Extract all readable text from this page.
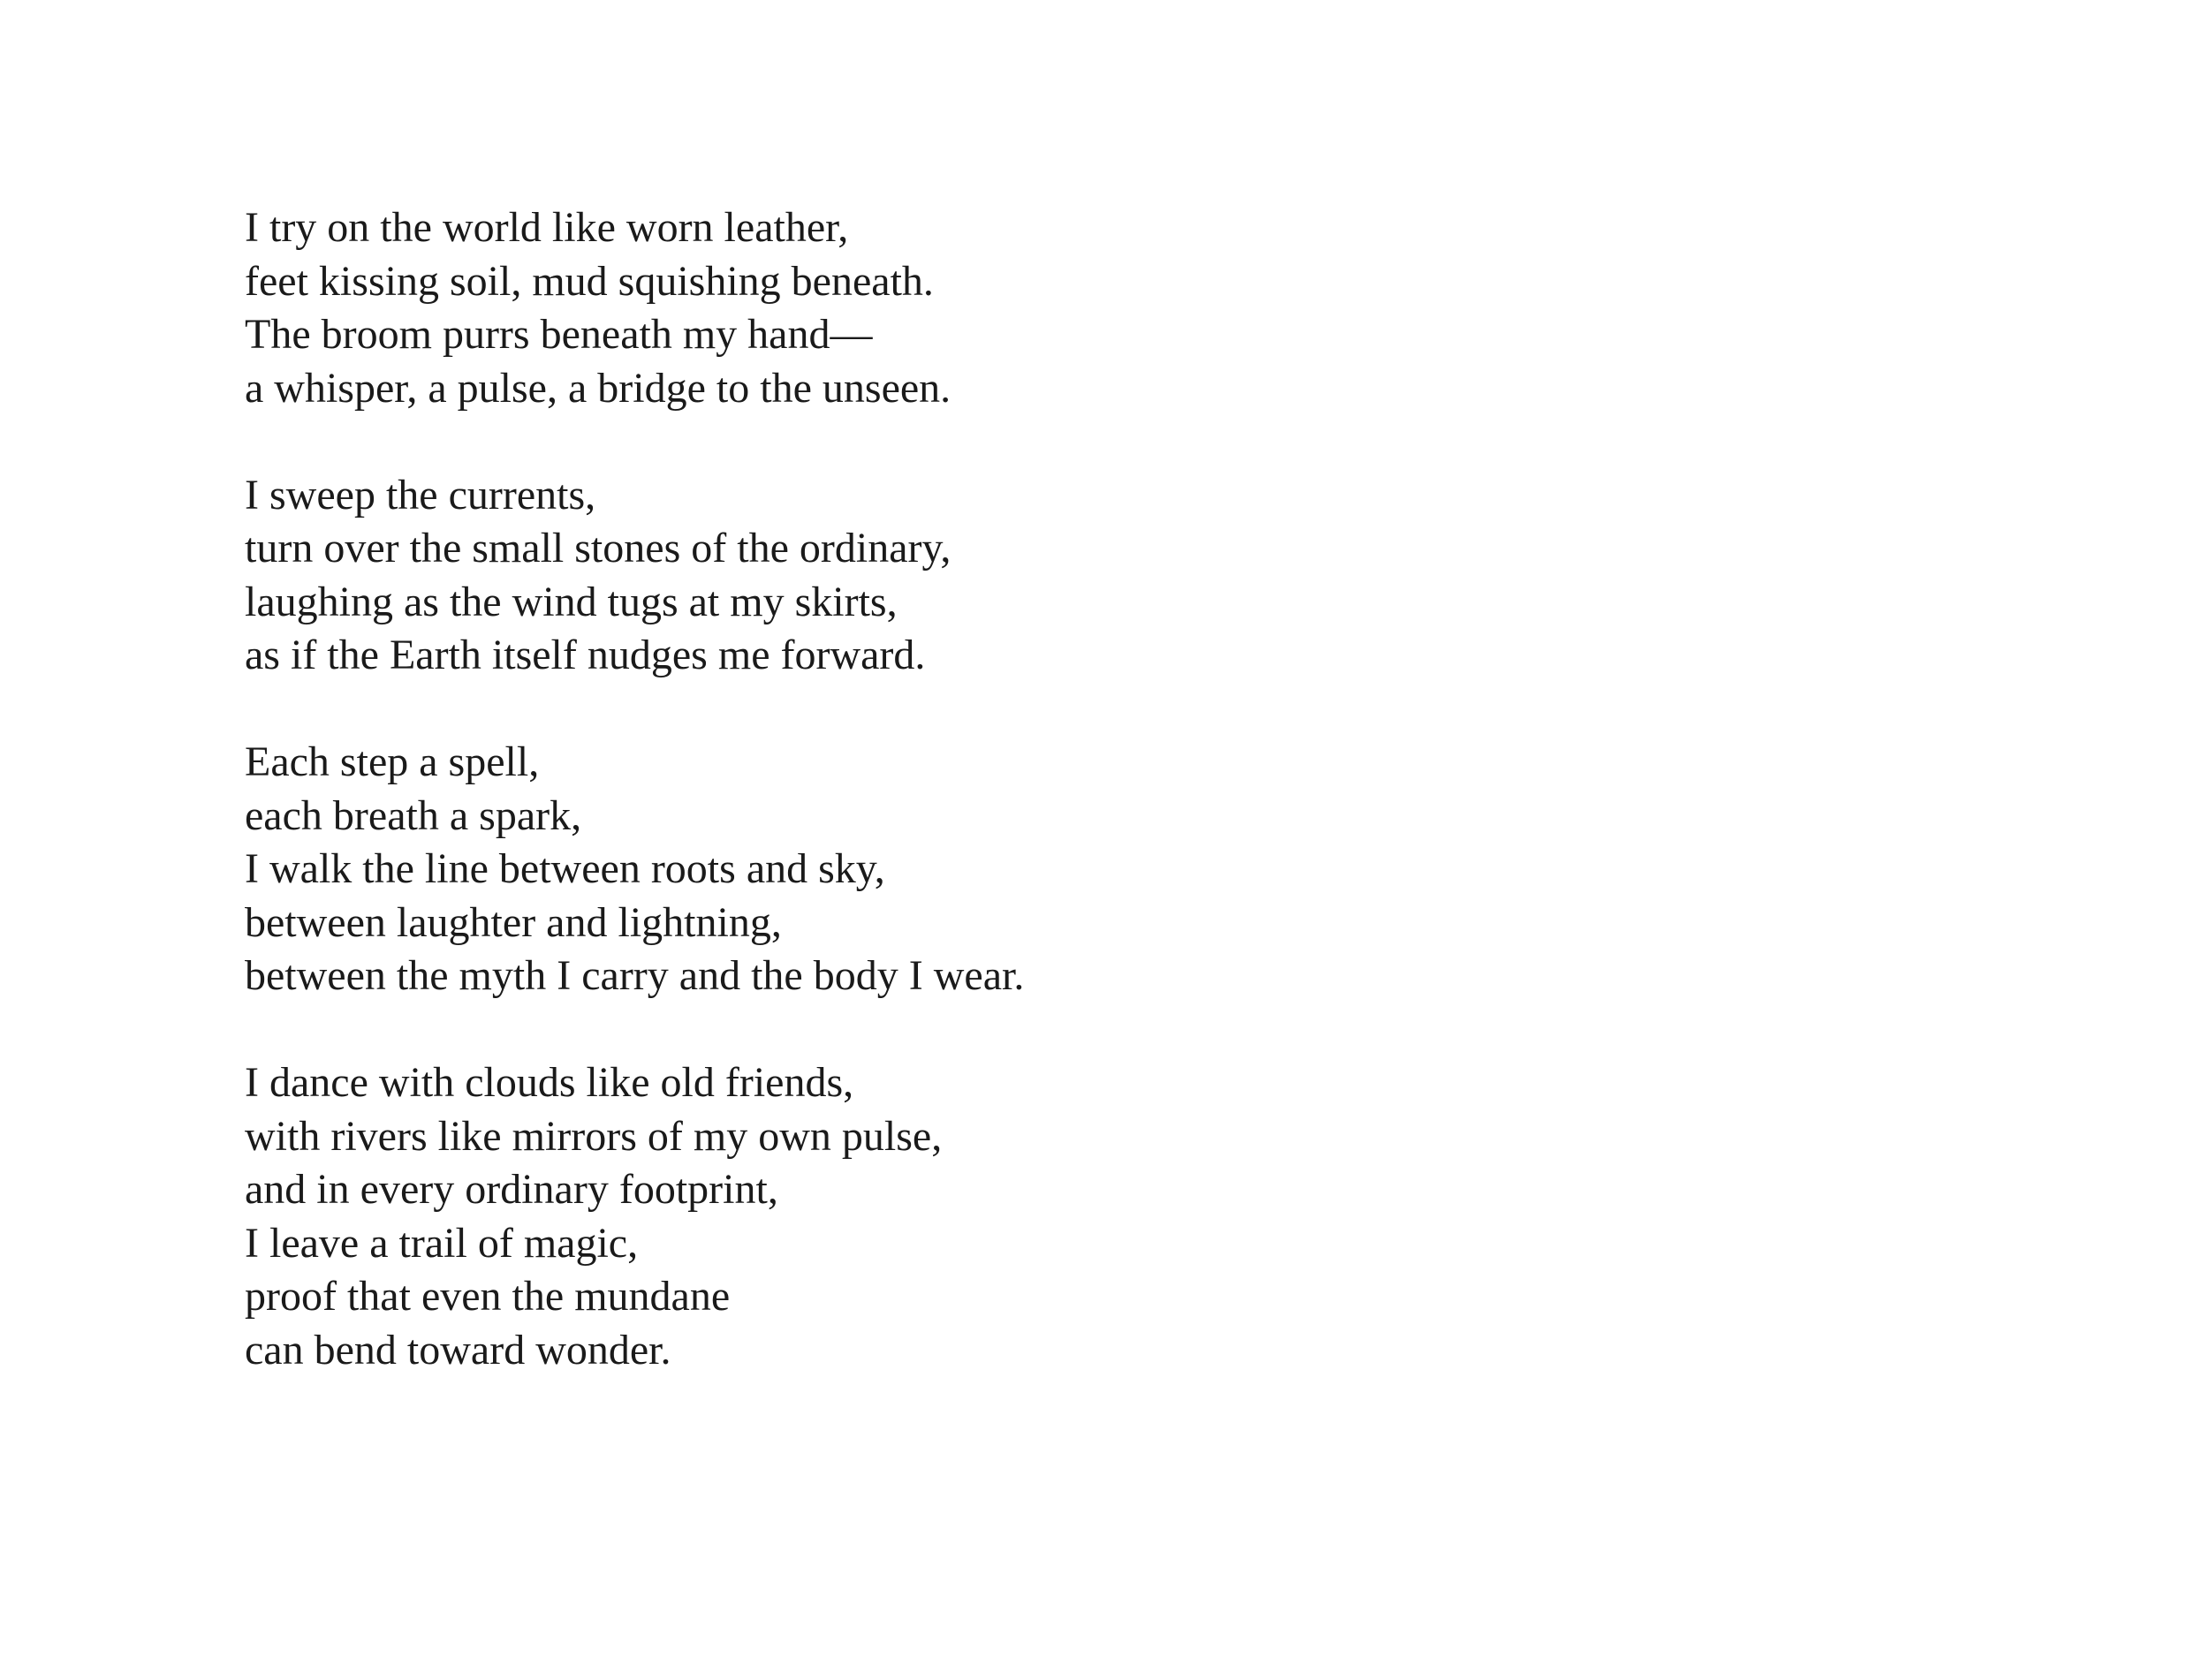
I try on the world like worn leather,
feet kissing soil, mud squishing beneath.
The broom purrs beneath my hand—
a whisper, a pulse, a bridge to the unseen.
I sweep the currents,
turn over the small stones of the ordinary,
laughing as the wind tugs at my skirts,
as if the Earth itself nudges me forward.
Each step a spell,
each breath a spark,
I walk the line between roots and sky,
between laughter and lightning,
between the myth I carry and the body I wear.
I dance with clouds like old friends,
with rivers like mirrors of my own pulse,
and in every ordinary footprint,
I leave a trail of magic,
proof that even the mundane
can bend toward wonder.
